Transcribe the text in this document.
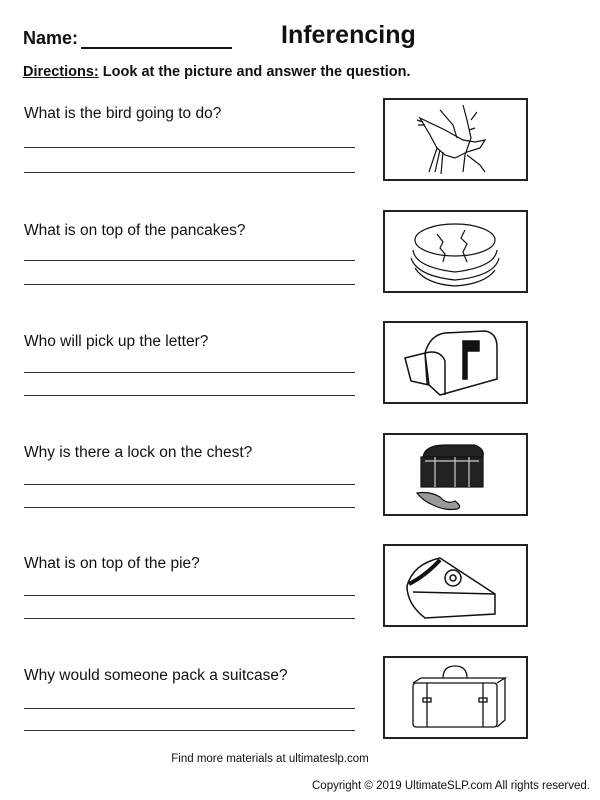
Name:	Inferencing
Directions: Look at the picture and answer the question.
What is the bird going to do?
What is on top of the pancakes?
Who will pick up the letter?
Why is there a lock on the chest?
What is on top of the pie?
Why would someone pack a suitcase?
Find more materials at ultimateslp.com
Copyright © 2019 UltimateSLP.com All rights reserved.
